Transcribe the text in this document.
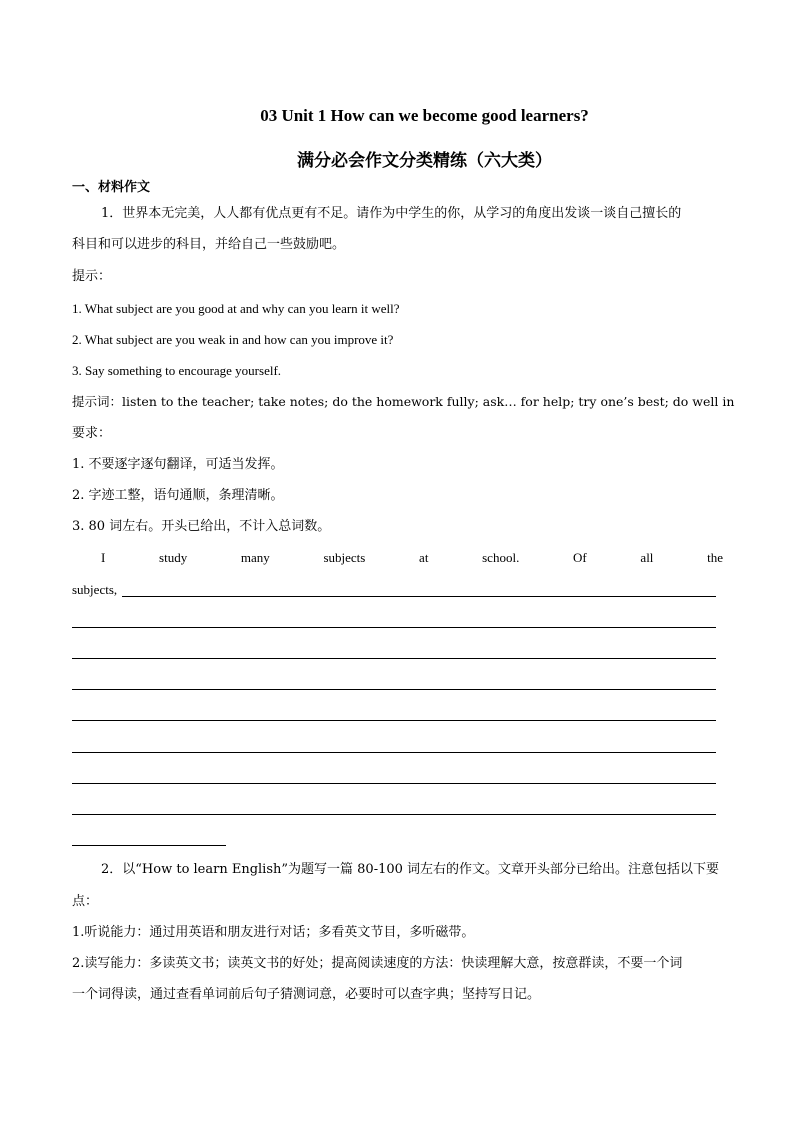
03 Unit 1 How can we become good learners?
满分必会作文分类精练（六大类）
一、材料作文
1．世界本无完美，人人都有优点更有不足。请作为中学生的你，从学习的角度出发谈一谈自己擅长的
科目和可以进步的科目，并给自己一些鼓励吧。
提示：
1. What subject are you good at and why can you learn it well?
2. What subject are you weak in and how can you improve it?
3. Say something to encourage yourself.
提示词：listen to the teacher; take notes; do the homework fully; ask… for help; try one’s best; do well in
要求：
1. 不要逐字逐句翻译，可适当发挥。
2. 字迹工整，语句通顺，条理清晰。
3. 80 词左右。开头已给出，不计入总词数。
I	study	many	subjects	at	school.	Of	all	the
subjects,
2．以“How to learn English”为题写一篇 80-100 词左右的作文。文章开头部分已给出。注意包括以下要
点：
1.听说能力：通过用英语和朋友进行对话；多看英文节目，多听磁带。
2.读写能力：多读英文书；读英文书的好处；提高阅读速度的方法：快读理解大意，按意群读，不要一个词
一个词得读，通过查看单词前后句子猜测词意，必要时可以查字典；坚持写日记。
